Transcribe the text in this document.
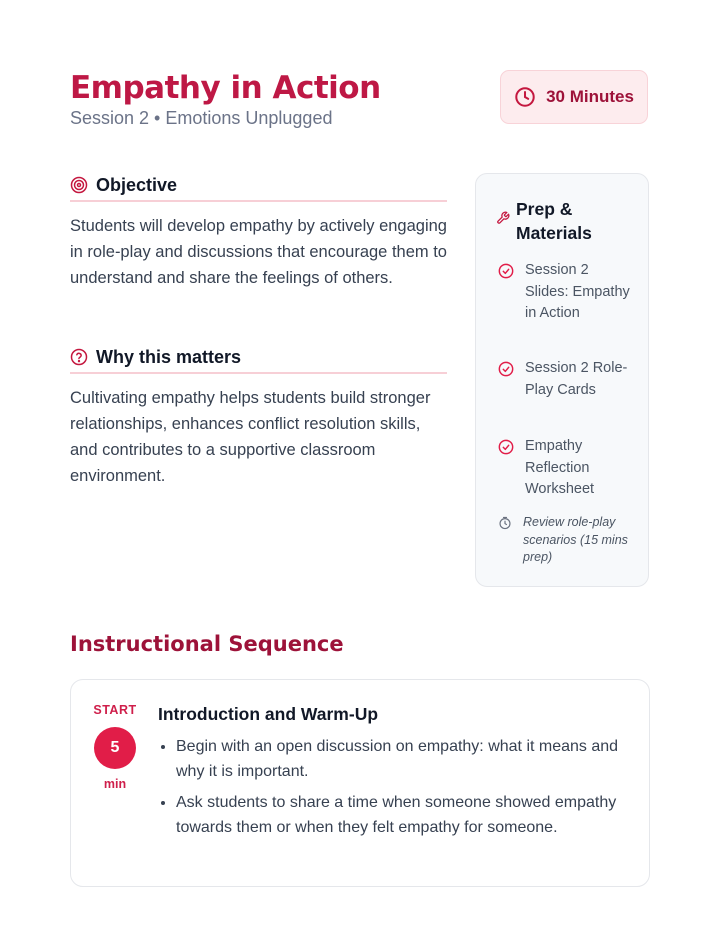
Empathy in Action
Session 2 • Emotions Unplugged
30 Minutes
Objective

Students will develop empathy by actively engaging in role-play and discussions that encourage them to understand and share the feelings of others.

Why this matters

Cultivating empathy helps students build stronger relationships, enhances conflict resolution skills, and contributes to a supportive classroom environment.

Prep & Materials
Session 2 Slides: Empathy in Action
Session 2 Role-Play Cards
Empathy Reflection Worksheet
Review role-play scenarios (15 mins prep)
Instructional Sequence
START
5
min
Introduction and Warm-Up
• Begin with an open discussion on empathy: what it means and why it is important.
• Ask students to share a time when someone showed empathy towards them or when they felt empathy for someone.
